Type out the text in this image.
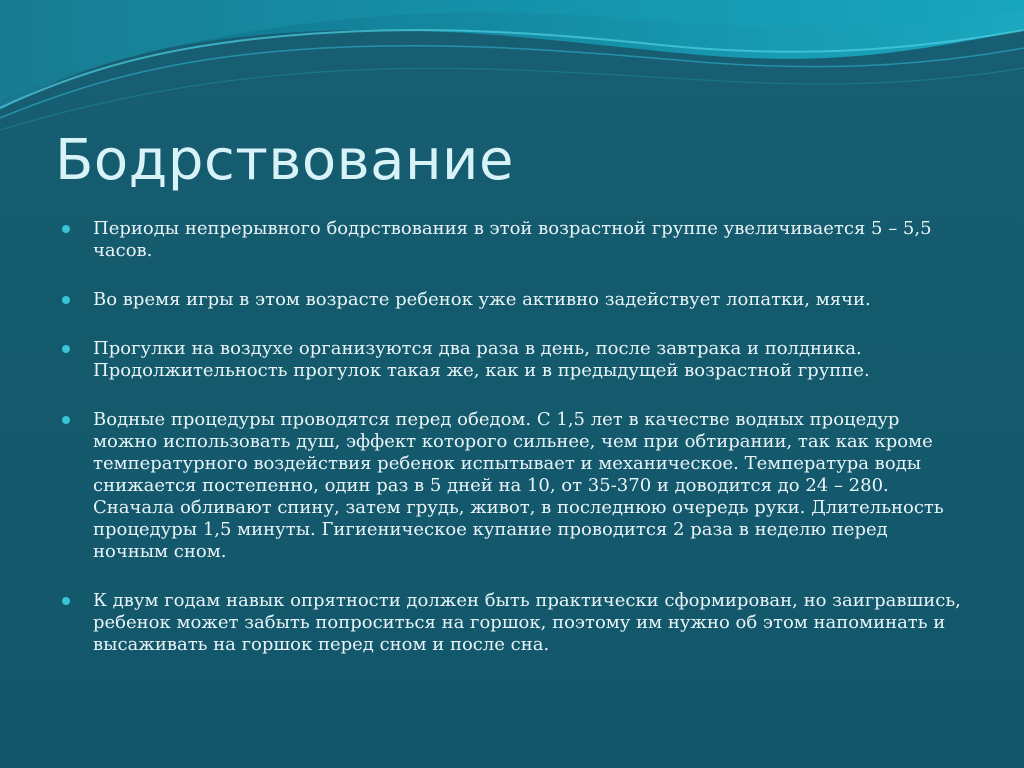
Бодрствование
Периоды непрерывного бодрствования в этой возрастной группе увеличивается 5 – 5,5 часов.
Во время игры в этом возрасте ребенок уже активно задействует лопатки, мячи.
Прогулки на воздухе организуются два раза в день, после завтрака и полдника. Продолжительность прогулок такая же, как и в предыдущей возрастной группе.
Водные процедуры проводятся перед обедом. С 1,5 лет в качестве водных процедур можно использовать душ, эффект которого сильнее, чем при обтирании, так как кроме температурного воздействия ребенок испытывает и механическое. Температура воды снижается постепенно, один раз в 5 дней на 10, от 35-370 и доводится до 24 – 280. Сначала обливают спину, затем грудь, живот, в последнюю очередь руки. Длительность процедуры 1,5 минуты. Гигиеническое купание проводится 2 раза в неделю перед ночным сном.
К двум годам навык опрятности должен быть практически сформирован, но заигравшись, ребенок может забыть попроситься на горшок, поэтому им нужно об этом напоминать и высаживать на горшок перед сном и после сна.
